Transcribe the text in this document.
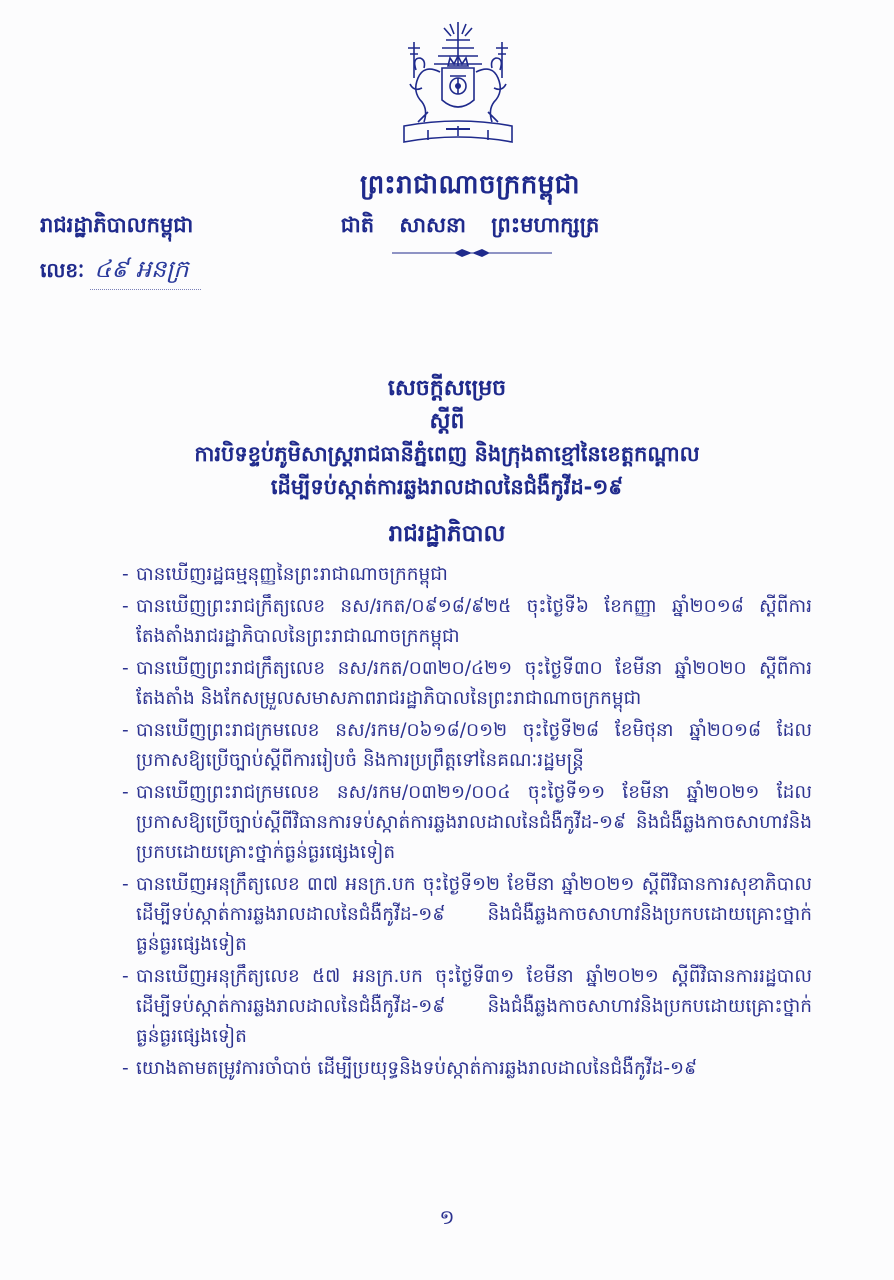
ព្រះរាជាណាចក្រកម្ពុជា
ជាតិ សាសនា ព្រះមហាក្សត្រ
រាជរដ្ឋាភិបាលកម្ពុជា
លេខៈ ៤៩ អនក្រ
សេចក្តីសម្រេច
ស្តីពី
ការបិទខ្ទប់ភូមិសាស្ត្ររាជធានីភ្នំពេញ និងក្រុងតាខ្មៅនៃខេត្តកណ្តាល
ដើម្បីទប់ស្កាត់ការឆ្លងរាលដាលនៃជំងឺកូវីដ-១៩
រាជរដ្ឋាភិបាល
- បានឃើញរដ្ឋធម្មនុញ្ញនៃព្រះរាជាណាចក្រកម្ពុជា
- បានឃើញព្រះរាជក្រឹត្យលេខ នស/រកត/០៩១៨/៩២៥ ចុះថ្ងៃទី៦ ខែកញ្ញា ឆ្នាំ២០១៨ ស្តីពីការតែងតាំងរាជរដ្ឋាភិបាលនៃព្រះរាជាណាចក្រកម្ពុជា
- បានឃើញព្រះរាជក្រឹត្យលេខ នស/រកត/០៣២០/៤២១ ចុះថ្ងៃទី៣០ ខែមីនា ឆ្នាំ២០២០ ស្តីពីការតែងតាំង និងកែសម្រួលសមាសភាពរាជរដ្ឋាភិបាលនៃព្រះរាជាណាចក្រកម្ពុជា
- បានឃើញព្រះរាជក្រមលេខ នស/រកម/០៦១៨/០១២ ចុះថ្ងៃទី២៨ ខែមិថុនា ឆ្នាំ២០១៨ ដែលប្រកាសឱ្យប្រើច្បាប់ស្តីពីការរៀបចំ និងការប្រព្រឹត្តទៅនៃគណៈរដ្ឋមន្ត្រី
- បានឃើញព្រះរាជក្រមលេខ នស/រកម/០៣២១/០០៤ ចុះថ្ងៃទី១១ ខែមីនា ឆ្នាំ២០២១ ដែលប្រកាសឱ្យប្រើច្បាប់ស្តីពីវិធានការទប់ស្កាត់ការឆ្លងរាលដាលនៃជំងឺកូវីដ-១៩ និងជំងឺឆ្លងកាចសាហាវនិងប្រកបដោយគ្រោះថ្នាក់ធ្ងន់ធ្ងរផ្សេងទៀត
- បានឃើញអនុក្រឹត្យលេខ ៣៧ អនក្រ.បក ចុះថ្ងៃទី១២ ខែមីនា ឆ្នាំ២០២១ ស្តីពីវិធានការសុខាភិបាលដើម្បីទប់ស្កាត់ការឆ្លងរាលដាលនៃជំងឺកូវីដ-១៩ និងជំងឺឆ្លងកាចសាហាវនិងប្រកបដោយគ្រោះថ្នាក់ធ្ងន់ធ្ងរផ្សេងទៀត
- បានឃើញអនុក្រឹត្យលេខ ៥៧ អនក្រ.បក ចុះថ្ងៃទី៣១ ខែមីនា ឆ្នាំ២០២១ ស្តីពីវិធានការរដ្ឋបាលដើម្បីទប់ស្កាត់ការឆ្លងរាលដាលនៃជំងឺកូវីដ-១៩ និងជំងឺឆ្លងកាចសាហាវនិងប្រកបដោយគ្រោះថ្នាក់ធ្ងន់ធ្ងរផ្សេងទៀត
- យោងតាមតម្រូវការចាំបាច់ ដើម្បីប្រយុទ្ធនិងទប់ស្កាត់ការឆ្លងរាលដាលនៃជំងឺកូវីដ-១៩
១
